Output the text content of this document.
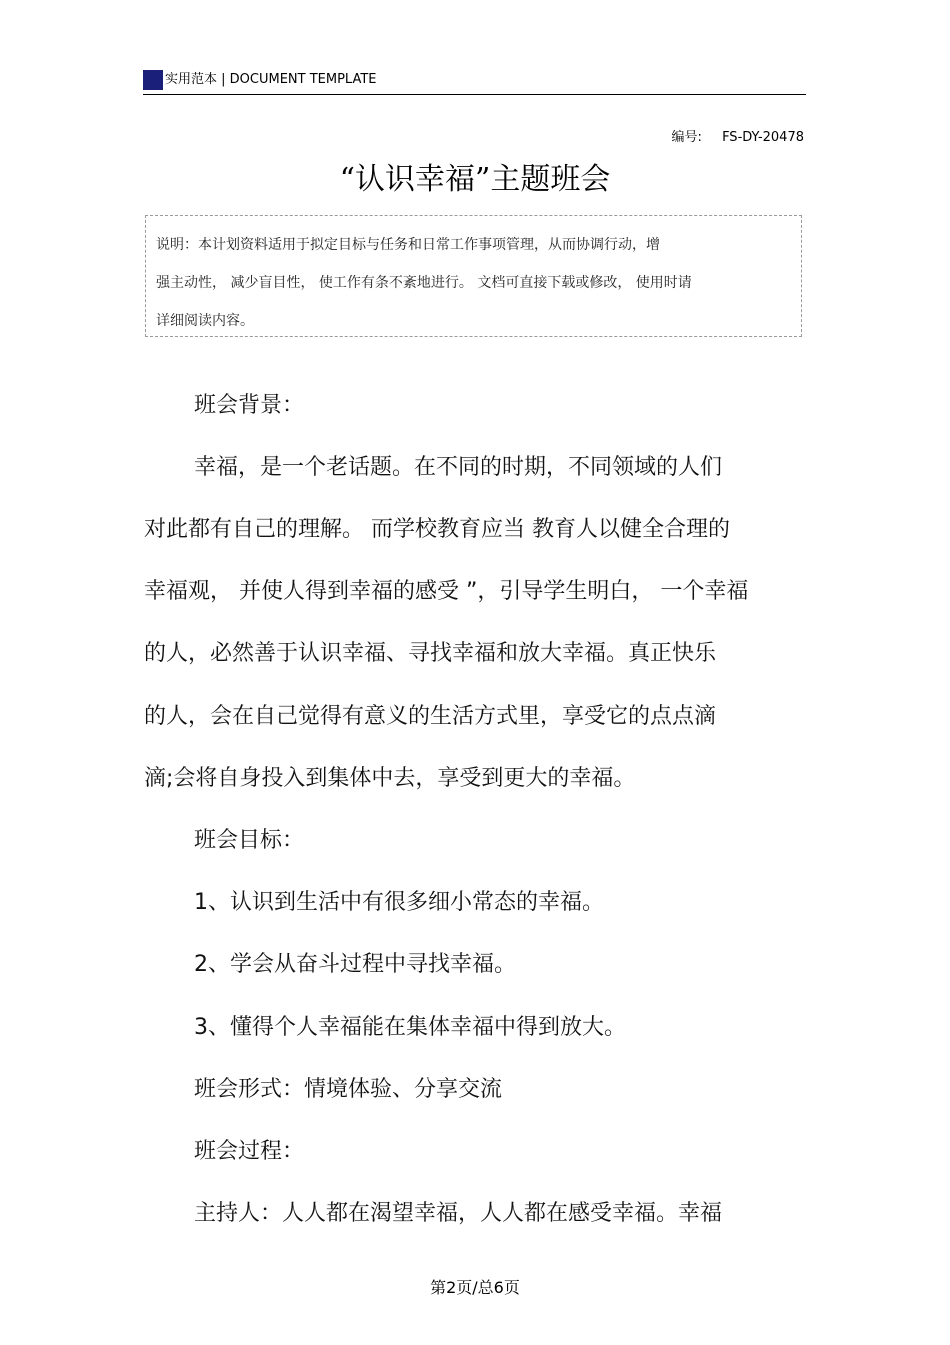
实用范本 | DOCUMENT TEMPLATE
编号: FS-DY-20478
“认识幸福”主题班会
说明：本计划资料适用于拟定目标与任务和日常工作事项管理，从而协调行动，增
强主动性， 减少盲目性， 使工作有条不紊地进行。 文档可直接下载或修改， 使用时请
详细阅读内容。
班会背景：
幸福，是一个老话题。在不同的时期，不同领域的人们
对此都有自己的理解。 而学校教育应当 教育人以健全合理的
幸福观， 并使人得到幸福的感受 ”，引导学生明白， 一个幸福
的人，必然善于认识幸福、寻找幸福和放大幸福。真正快乐
的人，会在自己觉得有意义的生活方式里，享受它的点点滴
滴;会将自身投入到集体中去，享受到更大的幸福。
班会目标：
1、认识到生活中有很多细小常态的幸福。
2、学会从奋斗过程中寻找幸福。
3、懂得个人幸福能在集体幸福中得到放大。
班会形式：情境体验、分享交流
班会过程：
主持人：人人都在渴望幸福，人人都在感受幸福。幸福
第2页/总6页
